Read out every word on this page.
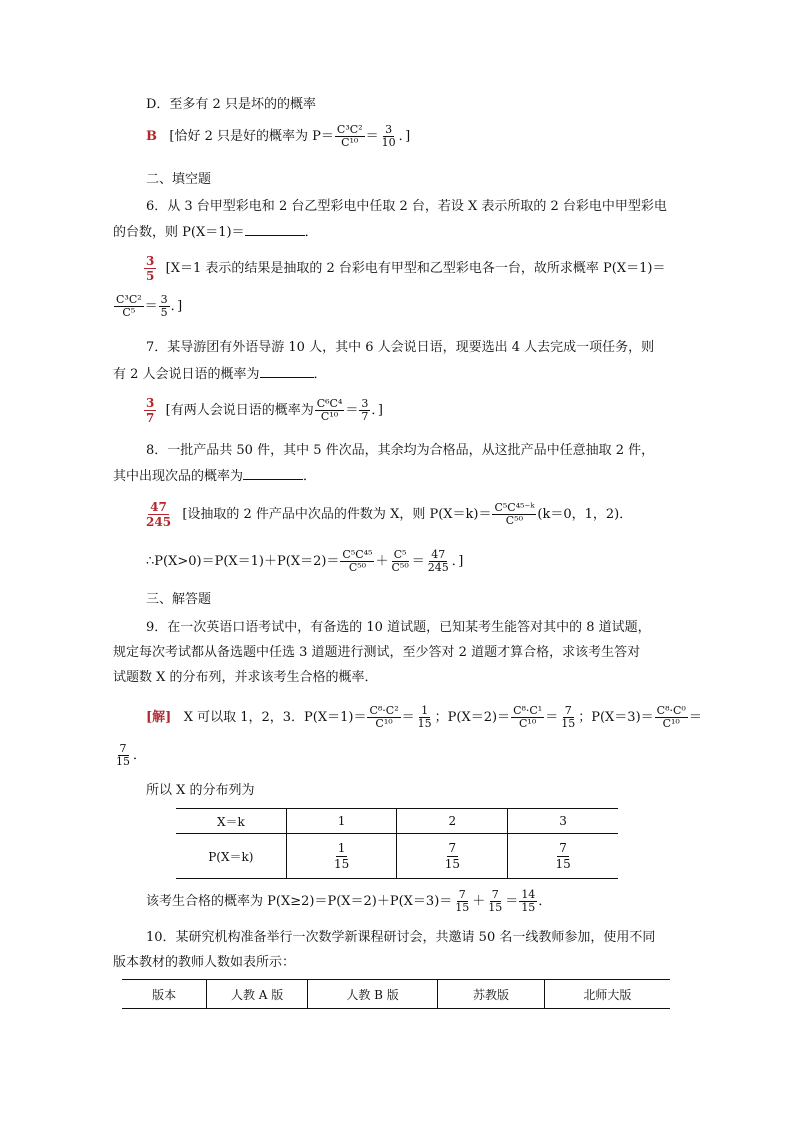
D．至多有 2 只是坏的的概率
B [恰好 2 只是好的概率为 $P= \frac{\text{C³C²}}{\text{C¹⁰}} = \frac{3}{10}$ ．]
二、填空题
6．从 3 台甲型彩电和 2 台乙型彩电中任取 2 台，若设 X 表示所取的 2 台彩电中甲型彩电
的台数，则 P(X＝1)＝	．
$\frac{3}{5} [X=1$ 表示的结果是抽取的 2 台彩电有甲型和乙型彩电各一台，故所求概率 P(X＝1)＝
$\frac{\text{C³C²}}{\text{C⁵}} = \frac{3}{5}$ ．]
7．某导游团有外语导游 10 人，其中 6 人会说日语，现要选出 4 人去完成一项任务，则
有 2 人会说日语的概率为	．
$\frac{3}{7}$ [有两人会说日语的概率为 $\frac{\text{C⁶C⁴}}{\text{C¹⁰}} = \frac{3}{7}$ ．]
8．一批产品共 50 件，其中 5 件次品，其余均为合格品，从这批产品中任意抽取 2 件，
其中出现次品的概率为	．
$\frac{47}{245}$ [设抽取的 2 件产品中次品的件数为 X，则 $P(X=k)= \frac{\text{C⁵C⁴⁵⁻ᵏ}}{\text{C⁵⁰}} (k=0$，1，2)．
∴P(X>0)＝P(X＝1)＋P(X＝2)＝ $\frac{\text{C⁵C⁴⁵}}{\text{C⁵⁰}} + \frac{\text{C⁵}}{\text{C⁵⁰}} = \frac{47}{245}$ ．]
三、解答题
9．在一次英语口语考试中，有备选的 10 道试题，已知某考生能答对其中的 8 道试题，
规定每次考试都从备选题中任选 3 道题进行测试，至少答对 2 道题才算合格，求该考生答对
试题数 X 的分布列，并求该考生合格的概率．
[解] X 可以取 1，2，3．$P(X=1)= \frac{\text{C⁸·C²}}{\text{C¹⁰}} = \frac{1}{15}$ ；$P(X=2)= \frac{\text{C⁸·C¹}}{\text{C¹⁰}} = \frac{7}{15}$ ；$P(X=3)= \frac{\text{C⁸·C⁰}}{\text{C¹⁰}}$ ＝
$\frac{7}{15}$ ．
所以 X 的分布列为
X＝k	1	2	3
P(X＝k)	$\frac{1}{15}$	$\frac{7}{15}$	$\frac{7}{15}$
该考生合格的概率为 $P(X\ge 2)=P(X=2)+P(X=3)= \frac{7}{15} + \frac{7}{15} = \frac{14}{15}$ ．
10．某研究机构准备举行一次数学新课程研讨会，共邀请 50 名一线教师参加，使用不同
版本教材的教师人数如表所示：
版本	人教 A 版	人教 B 版	苏教版	北师大版
